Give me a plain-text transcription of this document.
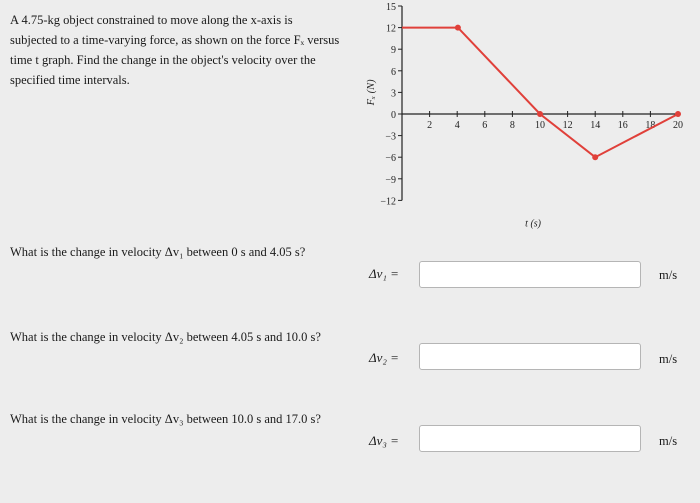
A 4.75-kg object constrained to move along the x-axis is subjected to a time-varying force, as shown on the force Fₓ versus time t graph. Find the change in the object's velocity over the specified time intervals.

15
12
9
6
3
0
−3
−6
−9
−12
2 4 6 8 10 12 14 16 18 20
Fₓ (N)
t (s)
What is the change in velocity Δv₁ between 0 s and 4.05 s?
Δv₁ =	m/s
What is the change in velocity Δv₂ between 4.05 s and 10.0 s?
Δv₂ =	m/s
What is the change in velocity Δv₃ between 10.0 s and 17.0 s?
Δv₃ =	m/s
